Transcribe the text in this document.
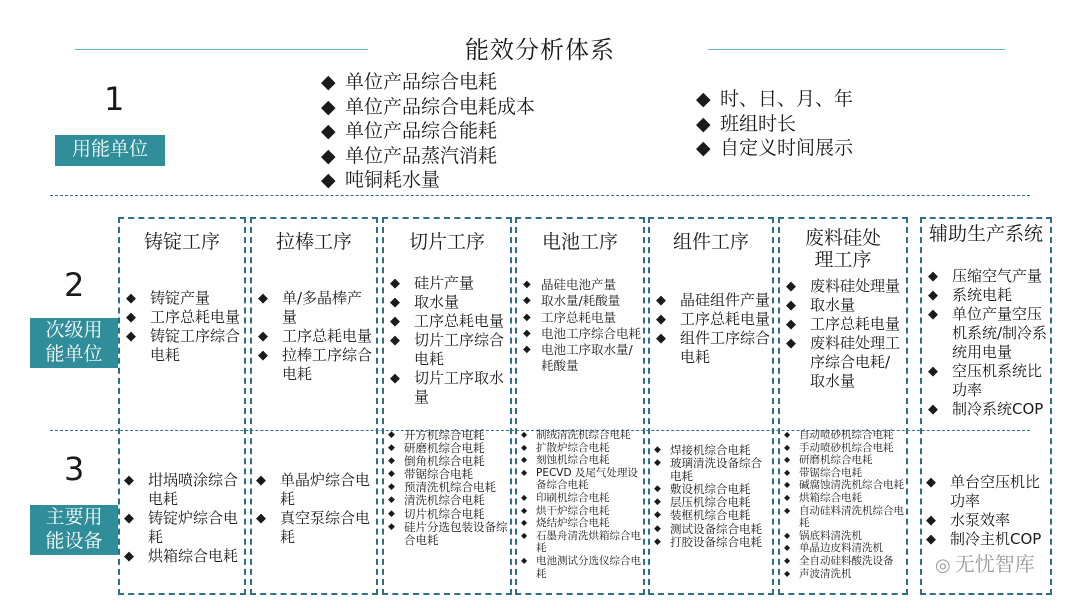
能效分析体系
1
用能单位
◆ 单位产品综合电耗
◆ 单位产品综合电耗成本
◆ 单位产品综合能耗
◆ 单位产品蒸汽消耗
◆ 吨铜耗水量
◆ 时、日、月、年
◆ 班组时长
◆ 自定义时间展示
2
次级用
能单位
3
主要用
能设备
铸锭工序
◆ 铸锭产量
◆ 工序总耗电量
◆ 铸锭工序综合电耗
◆ 坩埚喷涂综合电耗
◆ 铸锭炉综合电耗
◆ 烘箱综合电耗
拉棒工序
◆ 单/多晶棒产量
◆ 工序总耗电量
◆ 拉棒工序综合电耗
◆ 单晶炉综合电耗
◆ 真空泵综合电耗
切片工序
◆ 硅片产量
◆ 取水量
◆ 工序总耗电量
◆ 切片工序综合电耗
◆ 切片工序取水量
◆ 开方机综合电耗
◆ 研磨机综合电耗
◆ 倒角机综合电耗
◆ 带锯综合电耗
◆ 预清洗机综合电耗
◆ 清洗机综合电耗
◆ 切片机综合电耗
◆ 硅片分选包装设备综合电耗
电池工序
◆ 晶硅电池产量
◆ 取水量/耗酸量
◆ 工序总耗电量
◆ 电池工序综合电耗
◆ 电池工序取水量/耗酸量
◆ 制绒清洗机综合电耗
◆ 扩散炉综合电耗
◆ 刻蚀机综合电耗
◆ PECVD 及尾气处理设备综合电耗
◆ 印刷机综合电耗
◆ 烘干炉综合电耗
◆ 烧结炉综合电耗
◆ 石墨舟清洗烘箱综合电耗
◆ 电池测试分选仪综合电耗
组件工序
◆ 晶硅组件产量
◆ 工序总耗电量
◆ 组件工序综合电耗
◆ 焊接机综合电耗
◆ 玻璃清洗设备综合电耗
◆ 敷设机综合电耗
◆ 层压机综合电耗
◆ 装框机综合电耗
◆ 测试设备综合电耗
◆ 打胶设备综合电耗
废料硅处理工序
◆ 废料硅处理量
◆ 取水量
◆ 工序总耗电量
◆ 废料硅处理工序综合电耗/取水量
◆ 自动喷砂机综合电耗
◆ 手动喷砂机综合电耗
◆ 研磨机综合电耗
◆ 带锯综合电耗
◆ 碱腐蚀清洗机综合电耗
◆ 烘箱综合电耗
◆ 自动硅料清洗机综合电耗
◆ 锅底料清洗机
◆ 单晶边皮料清洗机
◆ 全自动硅料酸洗设备
◆ 声波清洗机
辅助生产系统
◆ 压缩空气产量
◆ 系统电耗
◆ 单位产量空压机系统/制冷系统用电量
◆ 空压机系统比功率
◆ 制冷系统COP
◆ 单台空压机比功率
◆ 水泵效率
◆ 制冷主机COP
◎ 无忧智库
